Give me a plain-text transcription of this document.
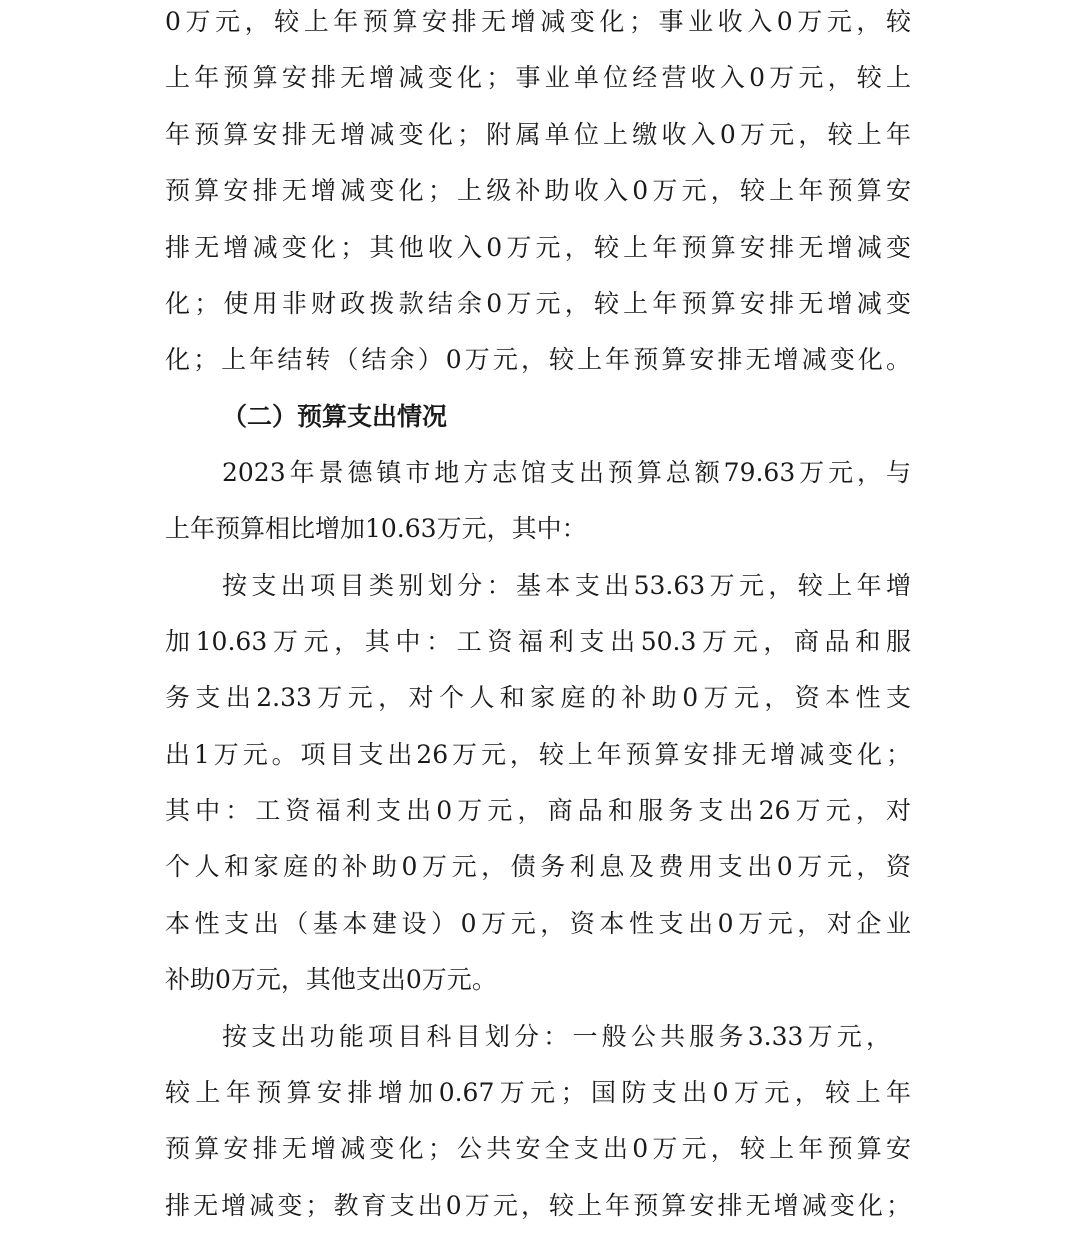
0万元，较上年预算安排无增减变化；事业收入0万元，较
上年预算安排无增减变化；事业单位经营收入0万元，较上
年预算安排无增减变化；附属单位上缴收入0万元，较上年
预算安排无增减变化；上级补助收入0万元，较上年预算安
排无增减变化；其他收入0万元，较上年预算安排无增减变
化；使用非财政拨款结余0万元，较上年预算安排无增减变
化；上年结转（结余）0万元，较上年预算安排无增减变化。
（二）预算支出情况
2023年景德镇市地方志馆支出预算总额79.63万元，与
上年预算相比增加10.63万元，其中：
按支出项目类别划分：基本支出53.63万元，较上年增
加10.63万元，其中：工资福利支出50.3万元，商品和服
务支出2.33万元，对个人和家庭的补助0万元，资本性支
出1万元。项目支出26万元，较上年预算安排无增减变化；
其中：工资福利支出0万元，商品和服务支出26万元，对
个人和家庭的补助0万元，债务利息及费用支出0万元，资
本性支出（基本建设）0万元，资本性支出0万元，对企业
补助0万元，其他支出0万元。
按支出功能项目科目划分：一般公共服务3.33万元，
较上年预算安排增加0.67万元；国防支出0万元，较上年
预算安排无增减变化；公共安全支出0万元，较上年预算安
排无增减变；教育支出0万元，较上年预算安排无增减变化；
